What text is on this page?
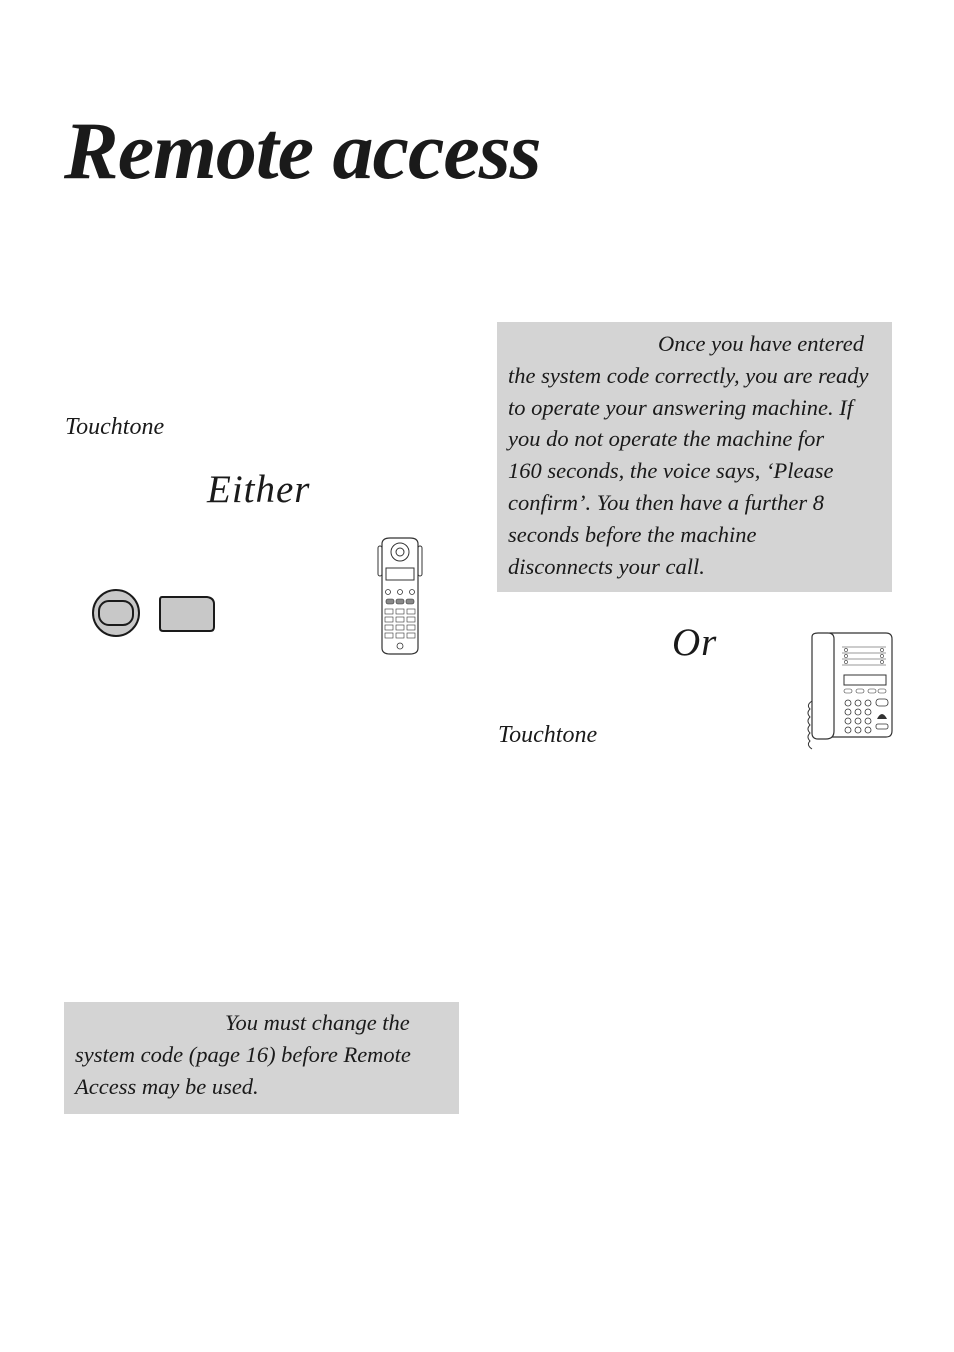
Remote access
Touchtone
Either
Once you have entered
the system code correctly, you are ready
to operate your answering machine. If
you do not operate the machine for
160 seconds, the voice says, ‘Please
confirm’. You then have a further 8
seconds before the machine
disconnects your call.
Or
Touchtone
You must change the
system code (page 16) before Remote
Access may be used.
